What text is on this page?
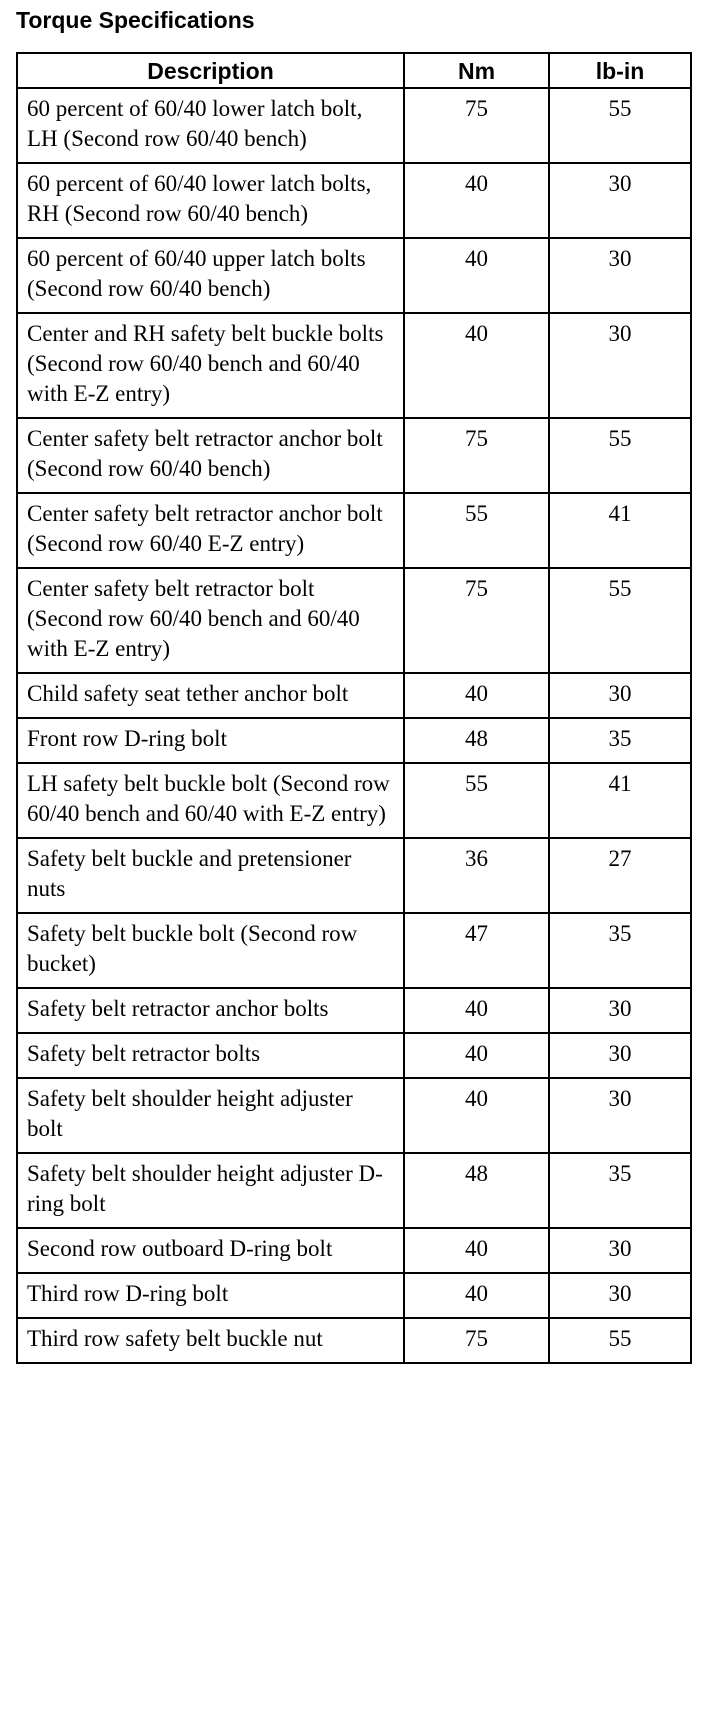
Torque Specifications
Description	Nm	lb-in
60 percent of 60/40 lower latch bolt, LH (Second row 60/40 bench)	75	55
60 percent of 60/40 lower latch bolts, RH (Second row 60/40 bench)	40	30
60 percent of 60/40 upper latch bolts (Second row 60/40 bench)	40	30
Center and RH safety belt buckle bolts (Second row 60/40 bench and 60/40 with E-Z entry)	40	30
Center safety belt retractor anchor bolt (Second row 60/40 bench)	75	55
Center safety belt retractor anchor bolt (Second row 60/40 E-Z entry)	55	41
Center safety belt retractor bolt (Second row 60/40 bench and 60/40 with E-Z entry)	75	55
Child safety seat tether anchor bolt	40	30
Front row D-ring bolt	48	35
LH safety belt buckle bolt (Second row 60/40 bench and 60/40 with E-Z entry)	55	41
Safety belt buckle and pretensioner nuts	36	27
Safety belt buckle bolt (Second row bucket)	47	35
Safety belt retractor anchor bolts	40	30
Safety belt retractor bolts	40	30
Safety belt shoulder height adjuster bolt	40	30
Safety belt shoulder height adjuster D-ring bolt	48	35
Second row outboard D-ring bolt	40	30
Third row D-ring bolt	40	30
Third row safety belt buckle nut	75	55
